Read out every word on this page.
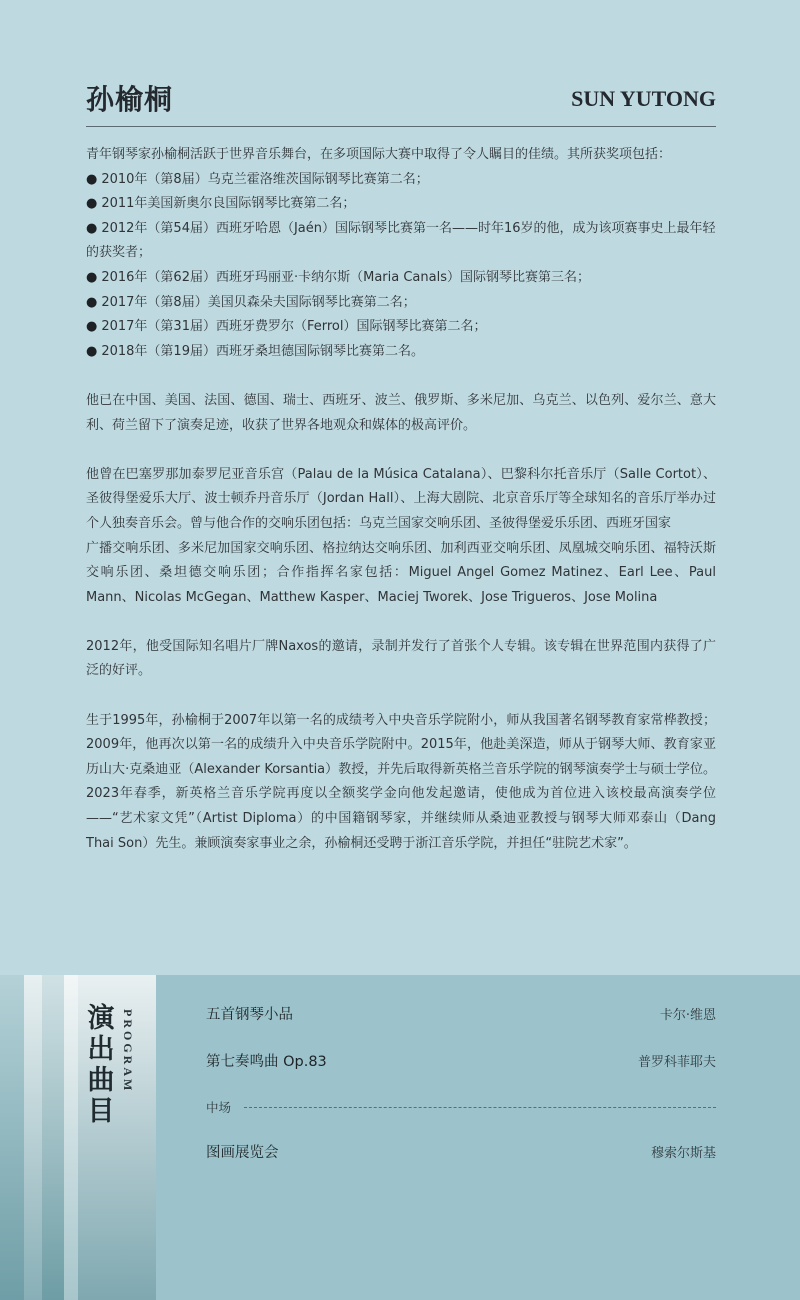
孙榆桐	SUN YUTONG

青年钢琴家孙榆桐活跃于世界音乐舞台，在多项国际大赛中取得了令人瞩目的佳绩。其所获奖项包括：

● 2010年（第8届）乌克兰霍洛维茨国际钢琴比赛第二名；
● 2011年美国新奥尔良国际钢琴比赛第二名；
● 2012年（第54届）西班牙哈恩（Jaén）国际钢琴比赛第一名——时年16岁的他，成为该项赛事史上最年轻的获奖者；
● 2016年（第62届）西班牙玛丽亚·卡纳尔斯（Maria Canals）国际钢琴比赛第三名；
● 2017年（第8届）美国贝森朵夫国际钢琴比赛第二名；
● 2017年（第31届）西班牙费罗尔（Ferrol）国际钢琴比赛第二名；
● 2018年（第19届）西班牙桑坦德国际钢琴比赛第二名。

他已在中国、美国、法国、德国、瑞士、西班牙、波兰、俄罗斯、多米尼加、乌克兰、以色列、爱尔兰、意大利、荷兰留下了演奏足迹，收获了世界各地观众和媒体的极高评价。

他曾在巴塞罗那加泰罗尼亚音乐宫（Palau de la Música Catalana）、巴黎科尔托音乐厅（Salle Cortot）、圣彼得堡爱乐大厅、波士顿乔丹音乐厅（Jordan Hall）、上海大剧院、北京音乐厅等全球知名的音乐厅举办过个人独奏音乐会。曾与他合作的交响乐团包括：乌克兰国家交响乐团、圣彼得堡爱乐乐团、西班牙国家

广播交响乐团、多米尼加国家交响乐团、格拉纳达交响乐团、加利西亚交响乐团、凤凰城交响乐团、福特沃斯交响乐团、桑坦德交响乐团；合作指挥名家包括：Miguel Angel Gomez Matinez、Earl Lee、Paul Mann、Nicolas McGegan、Matthew Kasper、Maciej Tworek、Jose Trigueros、Jose Molina

2012年，他受国际知名唱片厂牌Naxos的邀请，录制并发行了首张个人专辑。该专辑在世界范围内获得了广泛的好评。

生于1995年，孙榆桐于2007年以第一名的成绩考入中央音乐学院附小，师从我国著名钢琴教育家常桦教授；2009年，他再次以第一名的成绩升入中央音乐学院附中。2015年，他赴美深造，师从于钢琴大师、教育家亚历山大·克桑迪亚（Alexander Korsantia）教授，并先后取得新英格兰音乐学院的钢琴演奏学士与硕士学位。2023年春季，新英格兰音乐学院再度以全额奖学金向他发起邀请，使他成为首位进入该校最高演奏学位——“艺术家文凭”（Artist Diploma）的中国籍钢琴家，并继续师从桑迪亚教授与钢琴大师邓泰山（Dang Thai Son）先生。兼顾演奏家事业之余，孙榆桐还受聘于浙江音乐学院，并担任“驻院艺术家”。

演出曲目
PROGRAM	五首钢琴小品	卡尔·维恩
第七奏鸣曲 Op.83	普罗科菲耶夫
中场
图画展览会	穆索尔斯基
